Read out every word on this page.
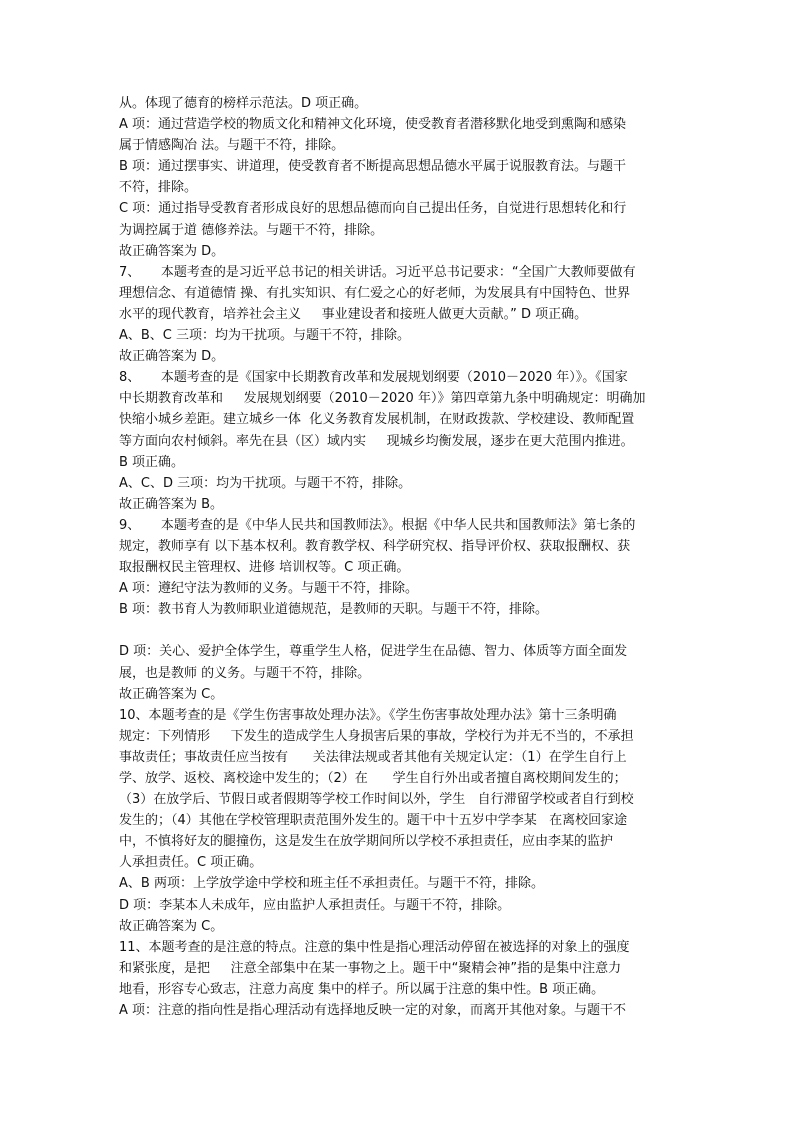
从。体现了德育的榜样示范法。D 项正确。
A 项：通过营造学校的物质文化和精神文化环境，使受教育者潜移默化地受到熏陶和感染
属于情感陶冶 法。与题干不符，排除。
B 项：通过摆事实、讲道理，使受教育者不断提高思想品德水平属于说服教育法。与题干
不符，排除。
C 项：通过指导受教育者形成良好的思想品德而向自己提出任务，自觉进行思想转化和行
为调控属于道 德修养法。与题干不符，排除。
故正确答案为 D。
7、     本题考查的是习近平总书记的相关讲话。习近平总书记要求：“全国广大教师要做有
理想信念、有道德情 操、有扎实知识、有仁爱之心的好老师，为发展具有中国特色、世界
水平的现代教育，培养社会主义     事业建设者和接班人做更大贡献。” D 项正确。
A、B、C 三项：均为干扰项。与题干不符，排除。
故正确答案为 D。
8、     本题考查的是《国家中长期教育改革和发展规划纲要（2010－2020 年）》。《国家
中长期教育改革和     发展规划纲要（2010－2020 年）》第四章第九条中明确规定：明确加
快缩小城乡差距。建立城乡一体  化义务教育发展机制，在财政拨款、学校建设、教师配置
等方面向农村倾斜。率先在县（区）域内实     现城乡均衡发展，逐步在更大范围内推进。
B 项正确。
A、C、D 三项：均为干扰项。与题干不符，排除。
故正确答案为 B。
9、     本题考查的是《中华人民共和国教师法》。根据《中华人民共和国教师法》第七条的
规定，教师享有 以下基本权利。教育教学权、科学研究权、指导评价权、获取报酬权、获
取报酬权民主管理权、进修 培训权等。C 项正确。
A 项：遵纪守法为教师的义务。与题干不符，排除。
B 项：教书育人为教师职业道德规范，是教师的天职。与题干不符，排除。
D 项：关心、爱护全体学生，尊重学生人格，促进学生在品德、智力、体质等方面全面发
展，也是教师 的义务。与题干不符，排除。
故正确答案为 C。
10、本题考查的是《学生伤害事故处理办法》。《学生伤害事故处理办法》第十三条明确
规定：下列情形     下发生的造成学生人身损害后果的事故，学校行为并无不当的，不承担
事故责任；事故责任应当按有      关法律法规或者其他有关规定认定：（1）在学生自行上
学、放学、返校、离校途中发生的；（2）在      学生自行外出或者擅自离校期间发生的；
（3）在放学后、节假日或者假期等学校工作时间以外，学生   自行滞留学校或者自行到校
发生的；（4）其他在学校管理职责范围外发生的。题干中十五岁中学李某   在离校回家途
中，不慎将好友的腿撞伤，这是发生在放学期间所以学校不承担责任，应由李某的监护
人承担责任。C 项正确。
A、B 两项：上学放学途中学校和班主任不承担责任。与题干不符，排除。
D 项：李某本人未成年，应由监护人承担责任。与题干不符，排除。
故正确答案为 C。
11、本题考查的是注意的特点。注意的集中性是指心理活动停留在被选择的对象上的强度
和紧张度，是把     注意全部集中在某一事物之上。题干中“聚精会神”指的是集中注意力
地看，形容专心致志，注意力高度 集中的样子。所以属于注意的集中性。B 项正确。
A 项：注意的指向性是指心理活动有选择地反映一定的对象，而离开其他对象。与题干不
